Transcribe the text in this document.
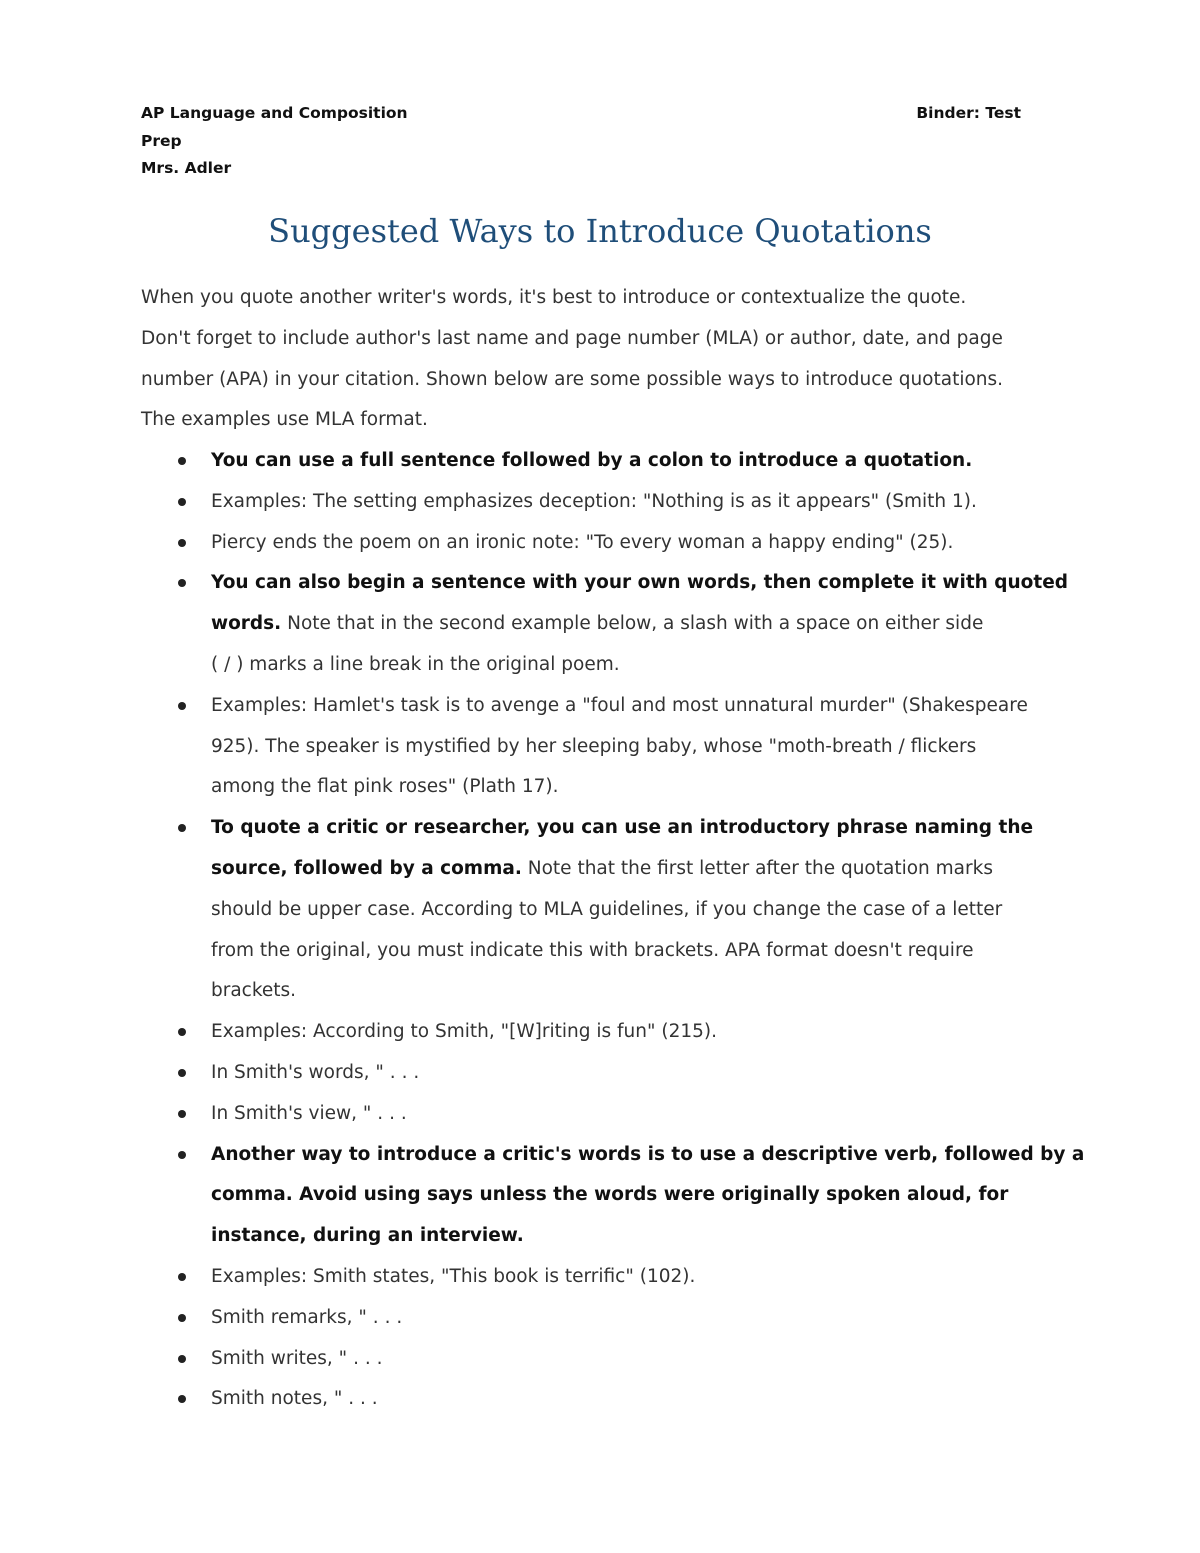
AP Language and Composition	Binder: Test
Prep
Mrs. Adler
Suggested Ways to Introduce Quotations

When you quote another writer's words, it's best to introduce or contextualize the quote.
Don't forget to include author's last name and page number (MLA) or author, date, and page
number (APA) in your citation. Shown below are some possible ways to introduce quotations.
The examples use MLA format.

You can use a full sentence followed by a colon to introduce a quotation.
Examples: The setting emphasizes deception: "Nothing is as it appears" (Smith 1).
Piercy ends the poem on an ironic note: "To every woman a happy ending" (25).
You can also begin a sentence with your own words, then complete it with quoted
words. Note that in the second example below, a slash with a space on either side
( / ) marks a line break in the original poem.
Examples: Hamlet's task is to avenge a "foul and most unnatural murder" (Shakespeare
925). The speaker is mystified by her sleeping baby, whose "moth-breath / flickers
among the flat pink roses" (Plath 17).
To quote a critic or researcher, you can use an introductory phrase naming the
source, followed by a comma. Note that the first letter after the quotation marks
should be upper case. According to MLA guidelines, if you change the case of a letter
from the original, you must indicate this with brackets. APA format doesn't require
brackets.
Examples: According to Smith, "[W]riting is fun" (215).
In Smith's words, " . . .
In Smith's view, " . . .
Another way to introduce a critic's words is to use a descriptive verb, followed by a
comma. Avoid using says unless the words were originally spoken aloud, for
instance, during an interview.
Examples: Smith states, "This book is terrific" (102).
Smith remarks, " . . .
Smith writes, " . . .
Smith notes, " . . .
